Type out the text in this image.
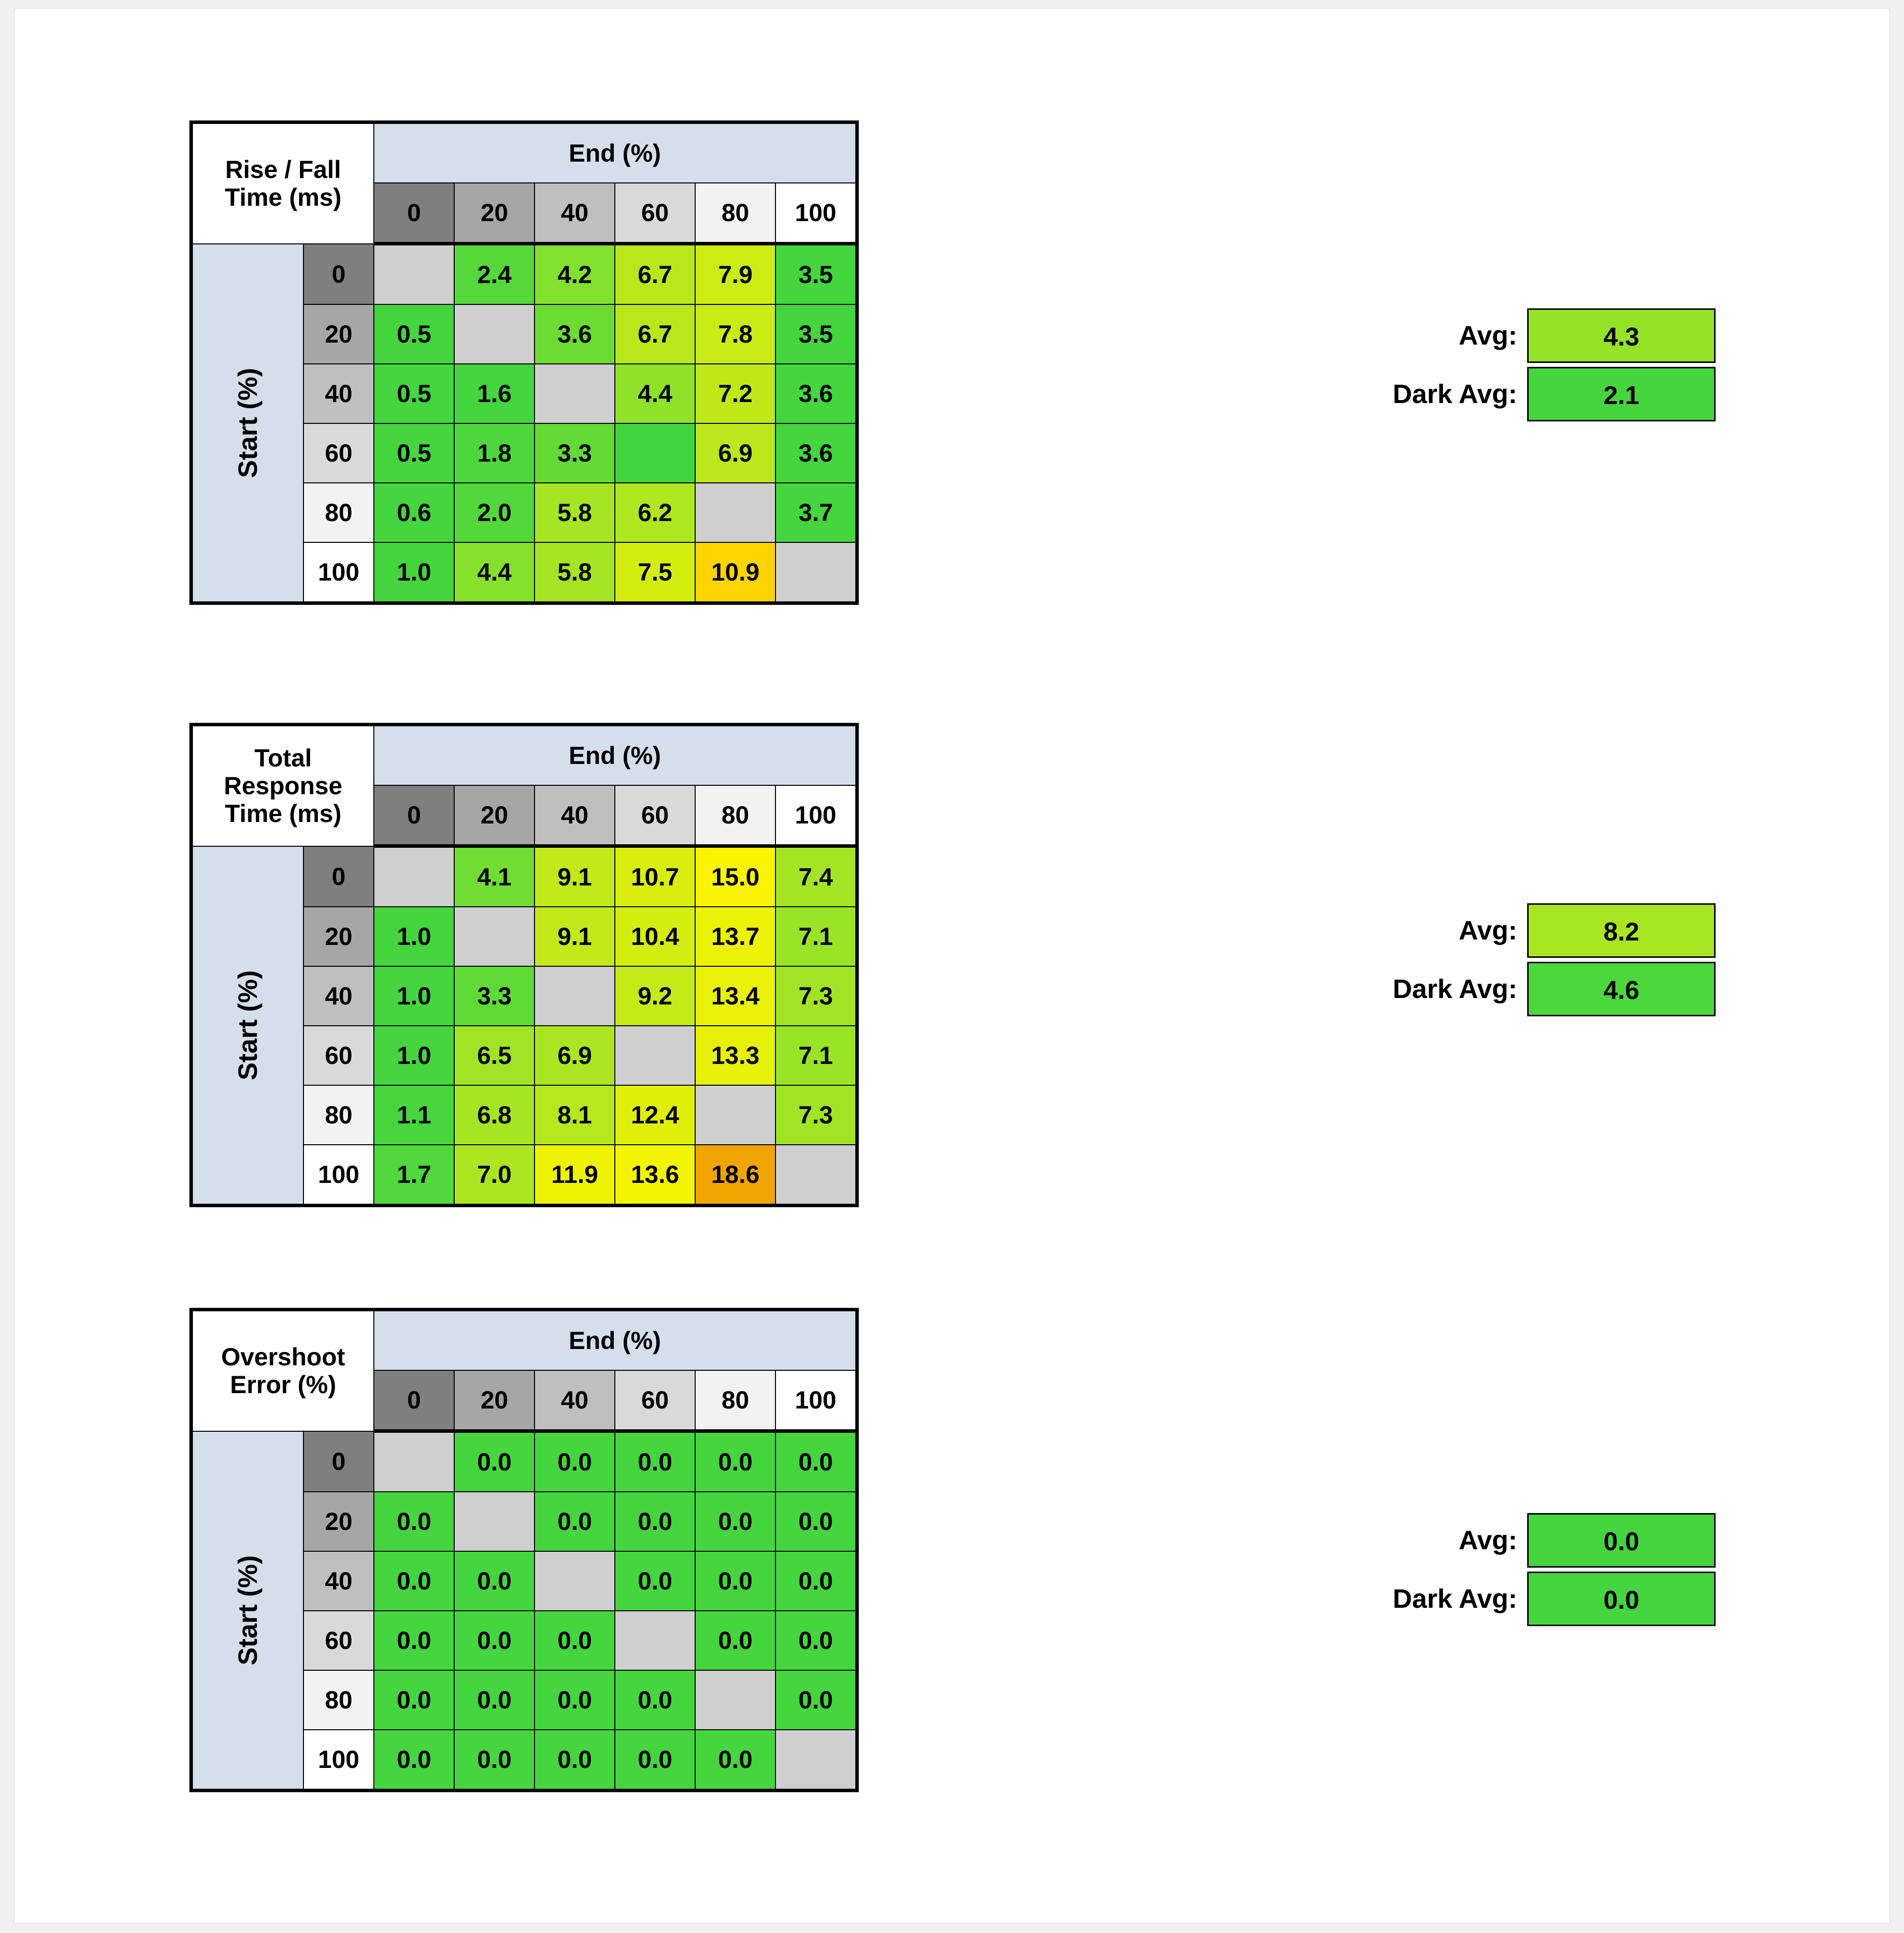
Rise / Fall
Time (ms)		End (%)					
		0	20	40	60	80	100

Start (%)	0		2.4	4.2	6.7	7.9	3.5
	20	0.5		3.6	6.7	7.8	3.5
	40	0.5	1.6		4.4	7.2	3.6
	60	0.5	1.8	3.3		6.9	3.6
	80	0.6	2.0	5.8	6.2		3.7
	100	1.0	4.4	5.8	7.5	10.9	
Avg:	4.3
Dark Avg:	2.1
Total Response
Time (ms)		End (%)					
		0	20	40	60	80	100

Start (%)	0		4.1	9.1	10.7	15.0	7.4
	20	1.0		9.1	10.4	13.7	7.1
	40	1.0	3.3		9.2	13.4	7.3
	60	1.0	6.5	6.9		13.3	7.1
	80	1.1	6.8	8.1	12.4		7.3
	100	1.7	7.0	11.9	13.6	18.6	
Avg:	8.2
Dark Avg:	4.6
Overshoot
Error (%)		End (%)					
		0	20	40	60	80	100

Start (%)	0		0.0	0.0	0.0	0.0	0.0
	20	0.0		0.0	0.0	0.0	0.0
	40	0.0	0.0		0.0	0.0	0.0
	60	0.0	0.0	0.0		0.0	0.0
	80	0.0	0.0	0.0	0.0		0.0
	100	0.0	0.0	0.0	0.0	0.0	
Avg:	0.0
Dark Avg:	0.0
